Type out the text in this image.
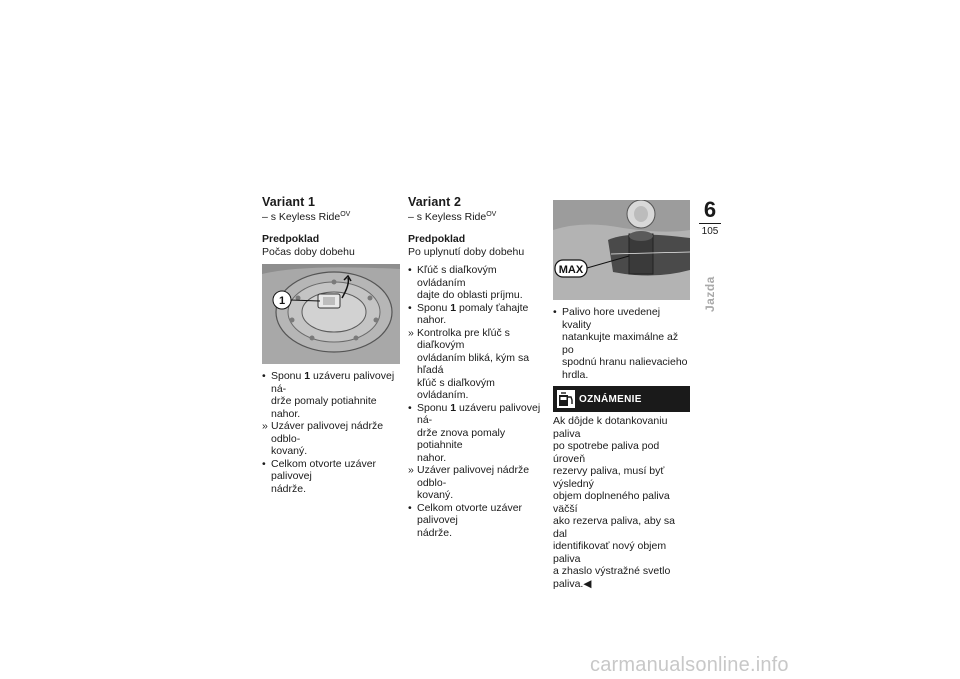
Variant 1
– s Keyless Ride$^{OV}$
Predpoklad
Počas doby dobehu
1
• Sponu 1 uzáveru palivovej ná-
drže pomaly potiahnite nahor.
» Uzáver palivovej nádrže odblo-
kovaný.
• Celkom otvorte uzáver palivovej
nádrže.
Variant 2
– s Keyless Ride$^{OV}$
Predpoklad
Po uplynutí doby dobehu
• Kľúč s diaľkovým ovládaním
dajte do oblasti príjmu.
• Sponu 1 pomaly ťahajte nahor.
» Kontrolka pre kľúč s diaľkovým
ovládaním bliká, kým sa hľadá
kľúč s diaľkovým ovládaním.
• Sponu 1 uzáveru palivovej ná-
drže znova pomaly potiahnite
nahor.
» Uzáver palivovej nádrže odblo-
kovaný.
• Celkom otvorte uzáver palivovej
nádrže.
MAX
• Palivo hore uvedenej kvality
natankujte maximálne až po
spodnú hranu nalievacieho
hrdla.
OZNÁMENIE
Ak dôjde k dotankovaniu paliva
po spotrebe paliva pod úroveň
rezervy paliva, musí byť výsledný
objem doplneného paliva väčší
ako rezerva paliva, aby sa dal
identifikovať nový objem paliva
a zhaslo výstražné svetlo paliva.◀
6
105
Jazda
carmanualsonline.info
